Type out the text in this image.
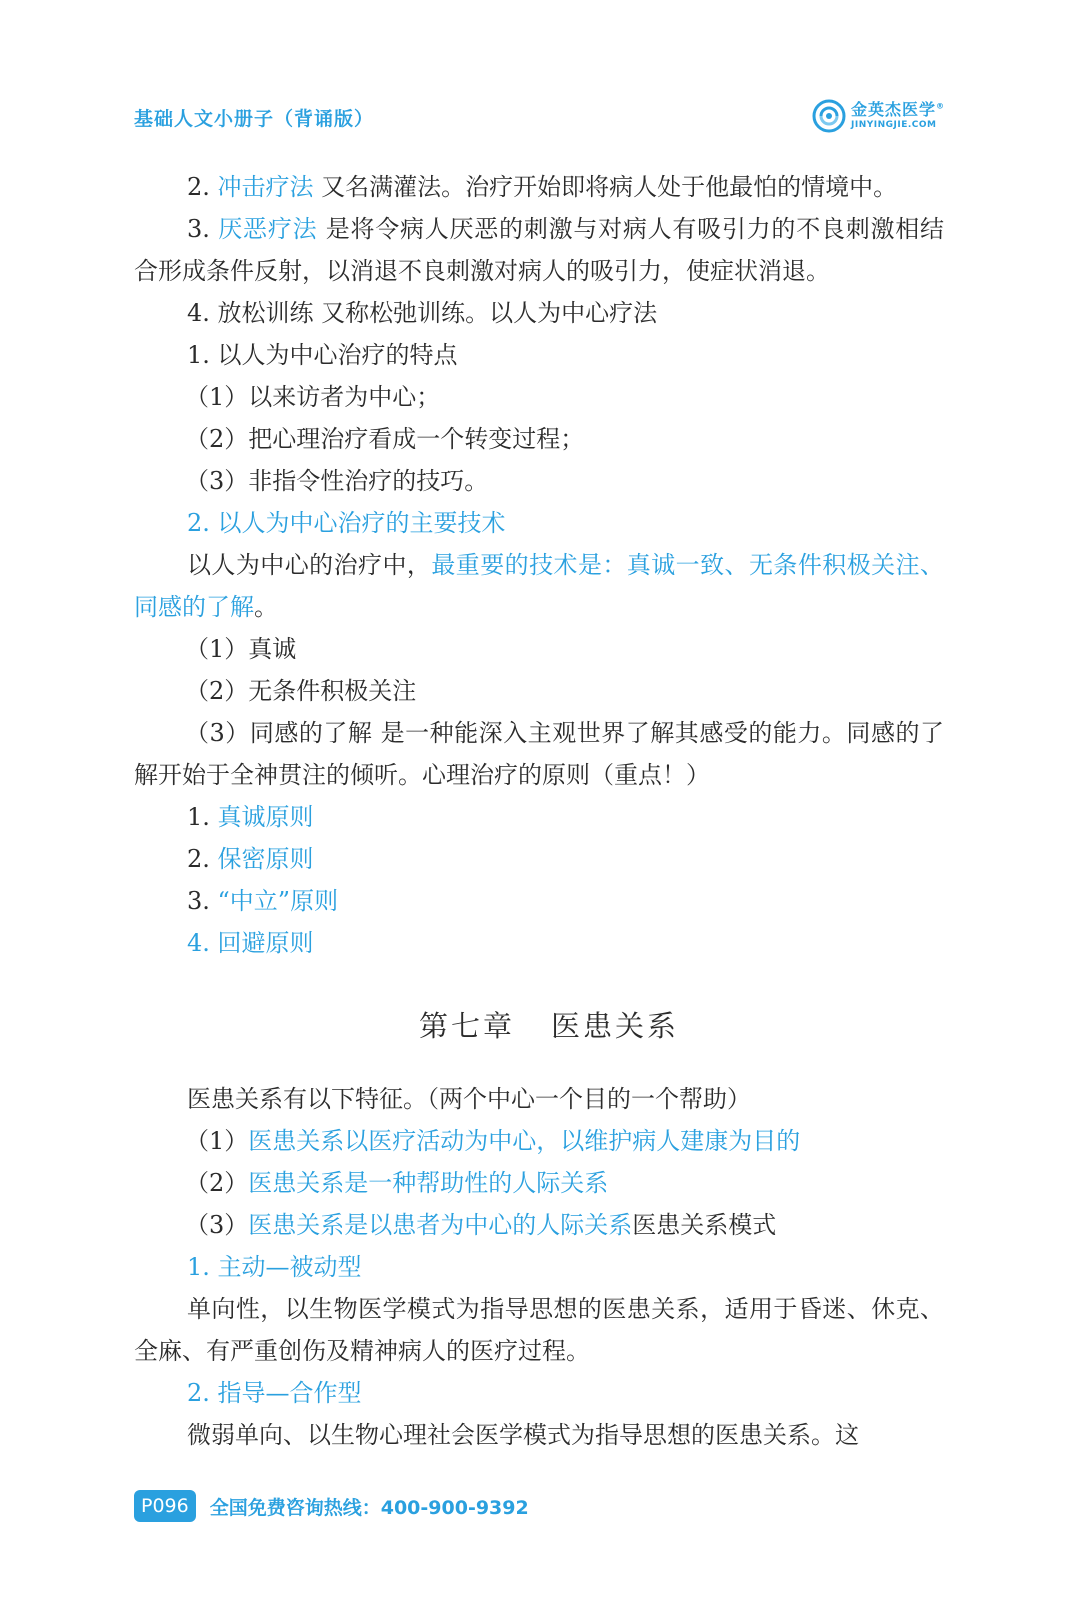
基础人文小册子（背诵版）	金英杰医学®
JINYINGJIE.COM

2. 冲击疗法 又名满灌法。治疗开始即将病人处于他最怕的情境中。

3. 厌恶疗法 是将令病人厌恶的刺激与对病人有吸引力的不良刺激相结合形成条件反射，以消退不良刺激对病人的吸引力，使症状消退。

4. 放松训练 又称松弛训练。以人为中心疗法

1. 以人为中心治疗的特点

（1）以来访者为中心；

（2）把心理治疗看成一个转变过程；

（3）非指令性治疗的技巧。

2. 以人为中心治疗的主要技术

以人为中心的治疗中，最重要的技术是：真诚一致、无条件积极关注、同感的了解。

（1）真诚

（2）无条件积极关注

（3）同感的了解 是一种能深入主观世界了解其感受的能力。同感的了解开始于全神贯注的倾听。心理治疗的原则（重点！）

1. 真诚原则

2. 保密原则

3. “中立”原则

4. 回避原则

第七章 医患关系

医患关系有以下特征。（两个中心一个目的一个帮助）

（1）医患关系以医疗活动为中心，以维护病人建康为目的

（2）医患关系是一种帮助性的人际关系

（3）医患关系是以患者为中心的人际关系医患关系模式

1. 主动—被动型

单向性，以生物医学模式为指导思想的医患关系，适用于昏迷、休克、全麻、有严重创伤及精神病人的医疗过程。

2. 指导—合作型

微弱单向、以生物心理社会医学模式为指导思想的医患关系。这

P096	全国免费咨询热线：400-900-9392
